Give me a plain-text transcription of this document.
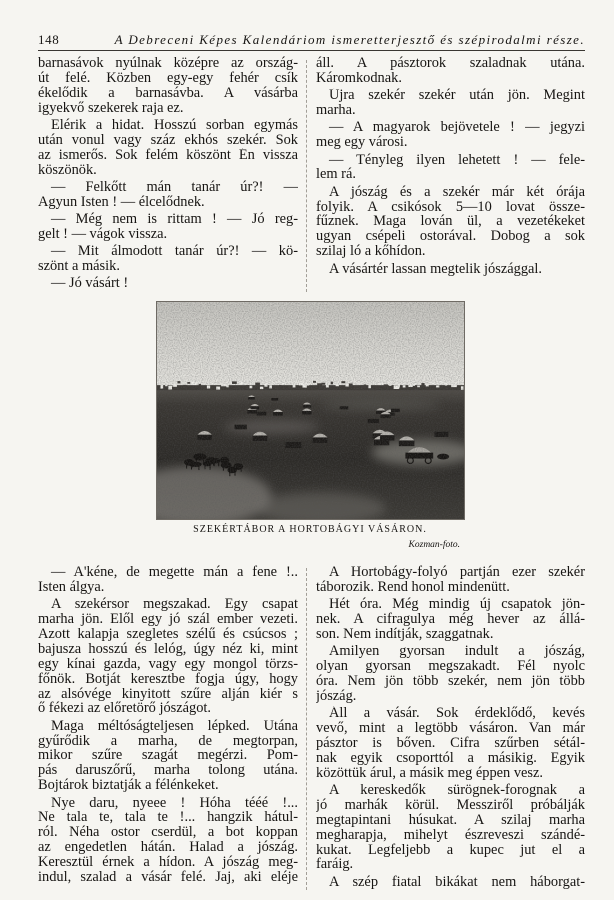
148	A Debreceni Képes Kalendáriom ismeretterjesztő és szépirodalmi része.
barnasávok nyúlnak középre az ország-
út felé. Közben egy-egy fehér csík
ékelődik a barnasávba. A vásárba
igyekvő szekerek raja ez.
Elérik a hidat. Hosszú sorban egymás
után vonul vagy száz ekhós szekér. Sok
az ismerős. Sok felém köszönt Én vissza
köszönök.
— Felkőtt mán tanár úr?! —
Agyun Isten ! — élcelődnek.
— Még nem is rittam ! — Jó reg-
gelt ! — vágok vissza.
— Mit álmodott tanár úr?! — kö-
szönt a másik.
— Jó vásárt !
áll. A pásztorok szaladnak utána.
Káromkodnak.
Újra szekér szekér után jön. Megint
marha.
— A magyarok bejövetele ! — jegyzi
meg egy városi.
— Tényleg ilyen lehetett ! — fele-
lem rá.
A jószág és a szekér már két órája
folyik. A csikósok 5—10 lovat össze-
fűznek. Maga lován ül, a vezetékeket
ugyan csépeli ostorával. Dobog a sok
szilaj ló a kőhídon.
A vásártér lassan megtelik jószággal.
SZEKÉRTÁBOR A HORTOBÁGYI VÁSÁRON.
Kozman-foto.
— A'kéne, de megette mán a fene !..
Isten álgya.
A szekérsor megszakad. Egy csapat
marha jön. Elől egy jó szál ember vezeti.
Azott kalapja szegletes szélű és csúcsos ;
bajusza hosszú és lelóg, úgy néz ki, mint
egy kínai gazda, vagy egy mongol törzs-
főnök. Botját keresztbe fogja úgy, hogy
az alsóvége kinyitott szűre alján kiér s
ő fékezi az előretörő jószágot.
Maga méltóságteljesen lépked. Utána
gyűrődik a marha, de megtorpan,
mikor szűre szagát megérzi. Pom-
pás daruszőrű, marha tolong utána.
Bojtárok biztatják a félénkeket.
Nye daru, nyeee ! Hóha tééé !...
Ne tala te, tala te !... hangzik hátul-
ról. Néha ostor cserdül, a bot koppan
az engedetlen hátán. Halad a jószág.
Keresztül érnek a hídon. A jószág meg-
indul, szalad a vásár felé. Jaj, aki eléje
A Hortobágy-folyó partján ezer szekér
táborozik. Rend honol mindenütt.
Hét óra. Még mindig új csapatok jön-
nek. A cifragulya még hever az állá-
son. Nem indítják, szaggatnak.
Amilyen gyorsan indult a jószág,
olyan gyorsan megszakadt. Fél nyolc
óra. Nem jön több szekér, nem jön több
jószág.
Áll a vásár. Sok érdeklődő, kevés
vevő, mint a legtöbb vásáron. Van már
pásztor is bőven. Cifra szűrben sétál-
nak egyik csoporttól a másikig. Egyik
közöttük árul, a másik meg éppen vesz.
A kereskedők sürögnek-forognak a
jó marhák körül. Messziről próbálják
megtapintani húsukat. A szilaj marha
megharapja, mihelyt észreveszi szándé-
kukat. Legfeljebb a kupec jut el a
faráig.
A szép fiatal bikákat nem háborgat-
